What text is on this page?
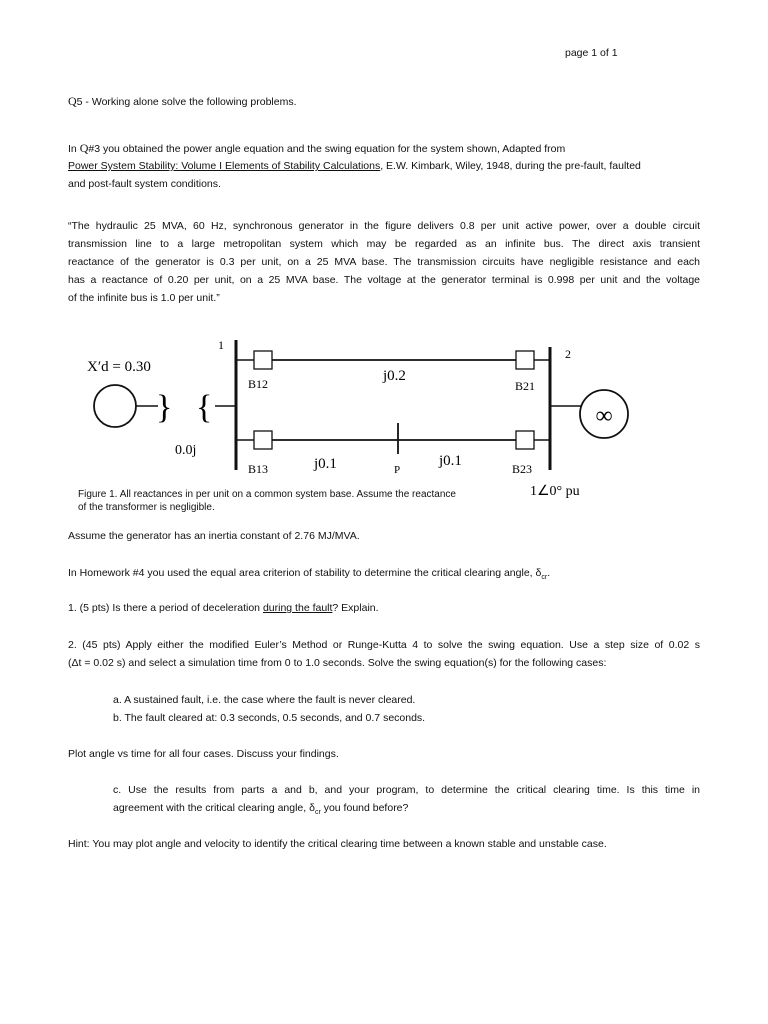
page 1 of 1
Q5 - Working alone solve the following problems.
In Q#3 you obtained the power angle equation and the swing equation for the system shown, Adapted from
Power System Stability: Volume I Elements of Stability Calculations, E.W. Kimbark, Wiley, 1948, during the pre-fault, faulted
and post-fault system conditions.
“The hydraulic 25 MVA, 60 Hz, synchronous generator in the figure delivers 0.8 per unit active power, over a double circuit
transmission line to a large metropolitan system which may be regarded as an infinite bus. The direct axis transient
reactance of the generator is 0.3 per unit, on a 25 MVA base. The transmission circuits have negligible resistance and each
has a reactance of 0.20 per unit, on a 25 MVA base. The voltage at the generator terminal is 0.998 per unit and the voltage
of the infinite bus is 1.0 per unit.”
1
2
X′d = 0.30
} {
0.0j
B12	j0.2
B21
P
B13	j0.1	j0.1	B23
∞
1∠0° pu
Figure 1. All reactances in per unit on a common system base. Assume the reactance
of the transformer is negligible.
Assume the generator has an inertia constant of 2.76 MJ/MVA.
In Homework #4 you used the equal area criterion of stability to determine the critical clearing angle, $\delta_{cr}$.
1. (5 pts) Is there a period of deceleration during the fault? Explain.
2. (45 pts) Apply either the modified Euler’s Method or Runge-Kutta 4 to solve the swing equation. Use a step size of 0.02 s
(Δt = 0.02 s) and select a simulation time from 0 to 1.0 seconds. Solve the swing equation(s) for the following cases:
a. A sustained fault, i.e. the case where the fault is never cleared.
b. The fault cleared at: 0.3 seconds, 0.5 seconds, and 0.7 seconds.
Plot angle vs time for all four cases. Discuss your findings.
c. Use the results from parts a and b, and your program, to determine the critical clearing time. Is this time in
agreement with the critical clearing angle, $\delta_{cr}$ you found before?
Hint: You may plot angle and velocity to identify the critical clearing time between a known stable and unstable case.
